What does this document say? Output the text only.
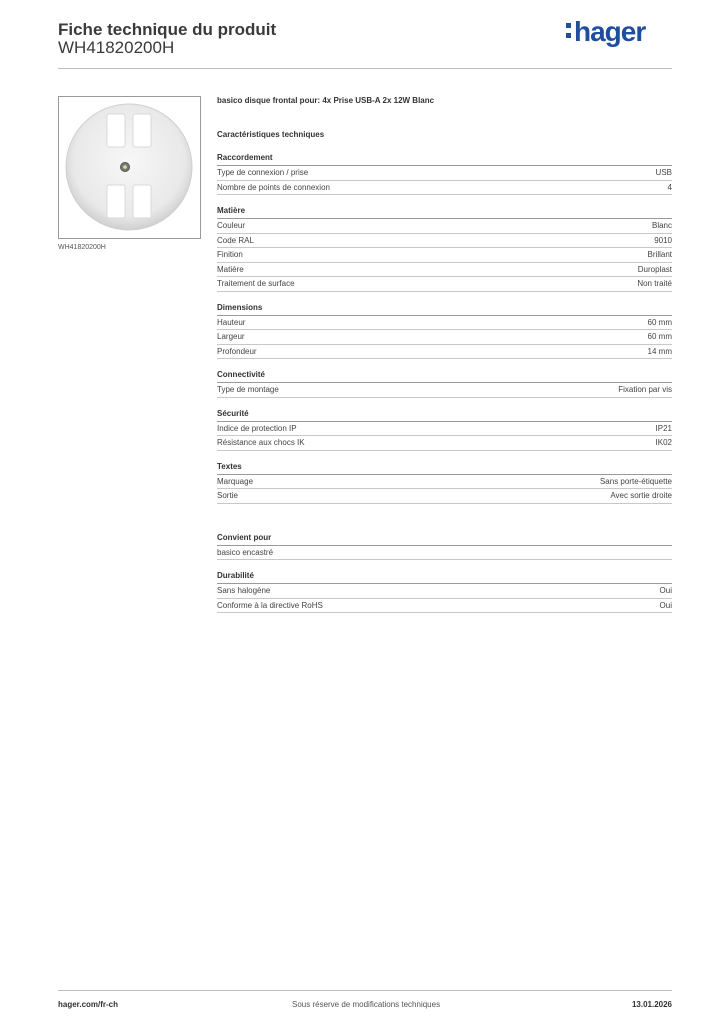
Fiche technique du produit
WH41820200H
hager
WH41820200H
basico disque frontal pour: 4x Prise USB-A 2x 12W Blanc
Caractéristiques techniques
Raccordement
Type de connexion / prise	USB
Nombre de points de connexion	4
Matière
Couleur	Blanc
Code RAL	9010
Finition	Brillant
Matière	Duroplast
Traitement de surface	Non traité
Dimensions
Hauteur	60 mm
Largeur	60 mm
Profondeur	14 mm
Connectivité
Type de montage	Fixation par vis
Sécurité
Indice de protection IP	IP21
Résistance aux chocs IK	IK02
Textes
Marquage	Sans porte-étiquette
Sortie	Avec sortie droite
Convient pour
basico encastré
Durabilité
Sans halogène	Oui
Conforme à la directive RoHS	Oui
hager.com/fr-ch	Sous réserve de modifications techniques	13.01.2026
